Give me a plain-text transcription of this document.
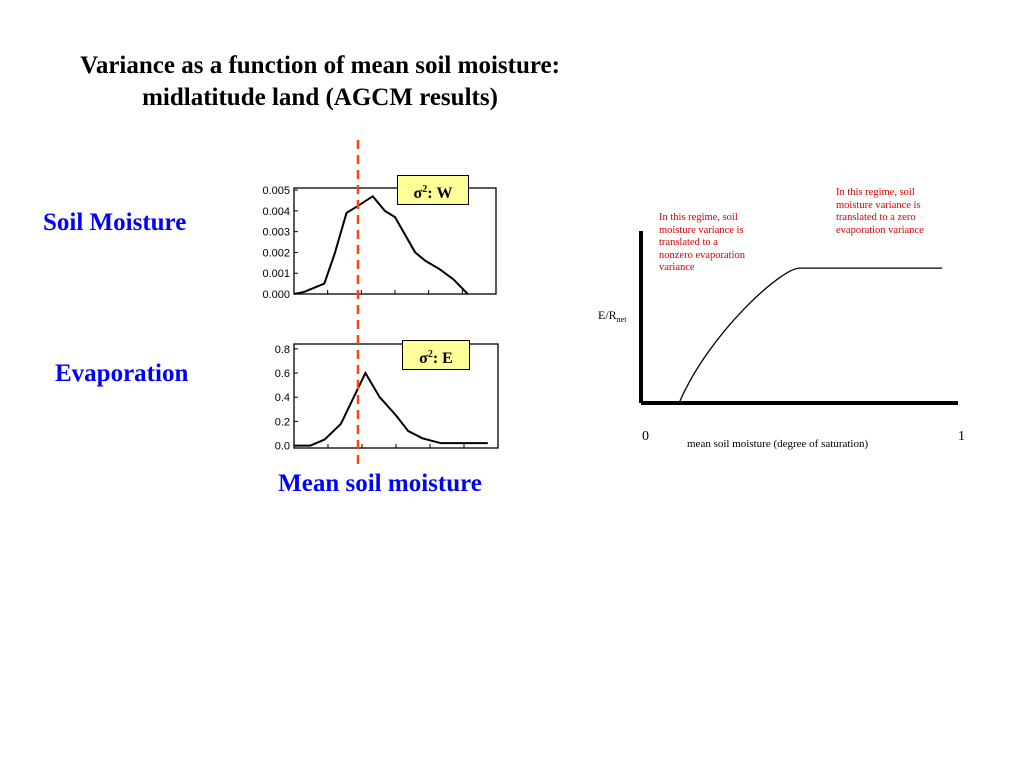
Variance as a function of mean soil moisture:
midlatitude land (AGCM results)
Soil Moisture
Evaporation
0.005
0.004
0.003
0.002
0.001
0.000
0.8
0.6
0.4
0.2
0.0
$\sigma^2$: W
$\sigma^2$: E
Mean soil moisture
In this regime, soil moisture variance is translated to a nonzero evaporation variance
In this regime, soil moisture variance is translated to a zero evaporation variance
$E/R_{net}$
0	1
mean soil moisture (degree of saturation)
